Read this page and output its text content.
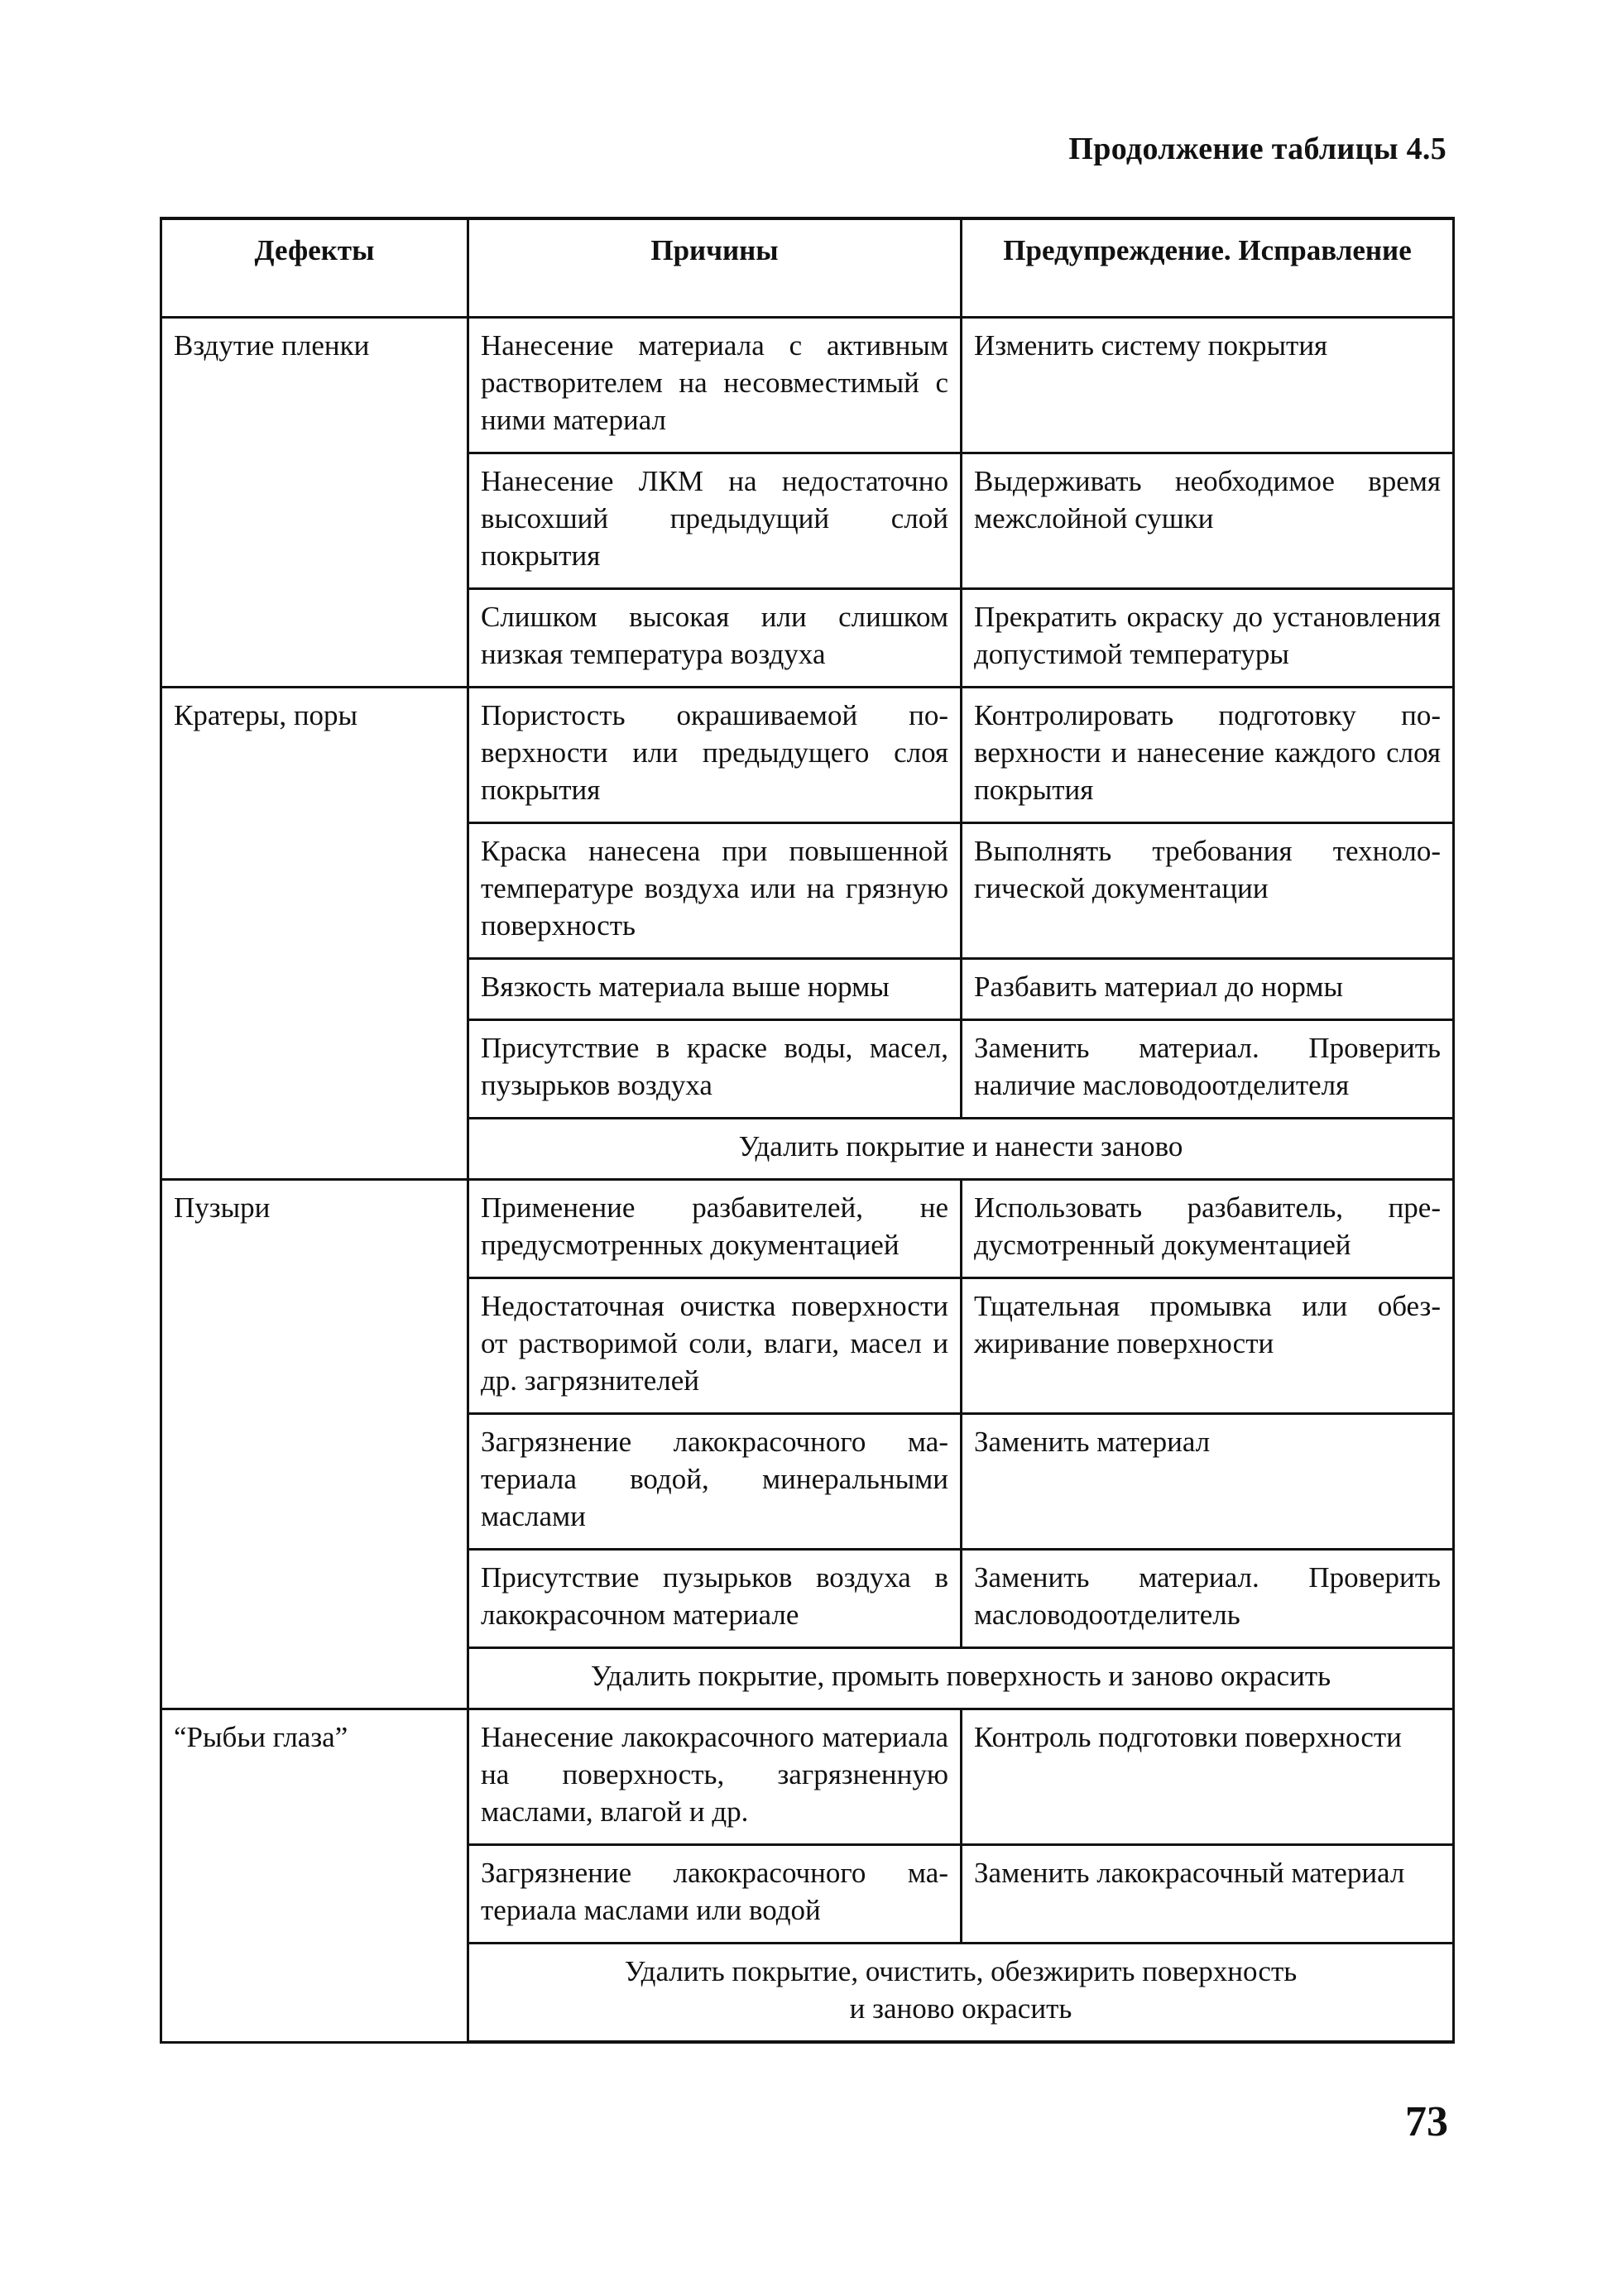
Продолжение таблицы 4.5
Дефекты	Причины	Предупреждение. Исправление
Вздутие пленки	Нанесение материала с активным растворителем на несовместимый с ними материал	Изменить систему покрытия
	Нанесение ЛКМ на недостаточно высохший предыдущий слой покрытия	Выдерживать необходимое время межслойной сушки
	Слишком высокая или слишком низкая температура воздуха	Прекратить окраску до установления допустимой температуры
Кратеры, поры	Пористость окрашиваемой поверхности или предыдущего слоя покрытия	Контролировать подготовку поверхности и нанесение каждого слоя покрытия
	Краска нанесена при повышенной температуре воздуха или на грязную поверхность	Выполнять требования технологической документации
	Вязкость материала выше нормы	Разбавить материал до нормы
	Присутствие в краске воды, масел, пузырьков воздуха	Заменить материал. Проверить наличие масловодоотделителя

	Удалить покрытие и нанести заново	

Пузыри	Применение разбавителей, не предусмотренных документацией	Использовать разбавитель, предусмотренный документацией
	Недостаточная очистка поверхности от растворимой соли, влаги, масел и др. загрязнителей	Тщательная промывка или обезжиривание поверхности
	Загрязнение лакокрасочного материала водой, минеральными маслами	Заменить материал
	Присутствие пузырьков воздуха в лакокрасочном материале	Заменить материал. Проверить масловодоотделитель

	Удалить покрытие, промыть поверхность и заново окрасить	

“Рыбьи глаза”	Нанесение лакокрасочного материала на поверхность, загрязненную маслами, влагой и др.	Контроль подготовки поверхности
	Загрязнение лакокрасочного материала маслами или водой	Заменить лакокрасочный материал

	Удалить покрытие, очистить, обезжирить поверхность
и заново окрасить	
73
